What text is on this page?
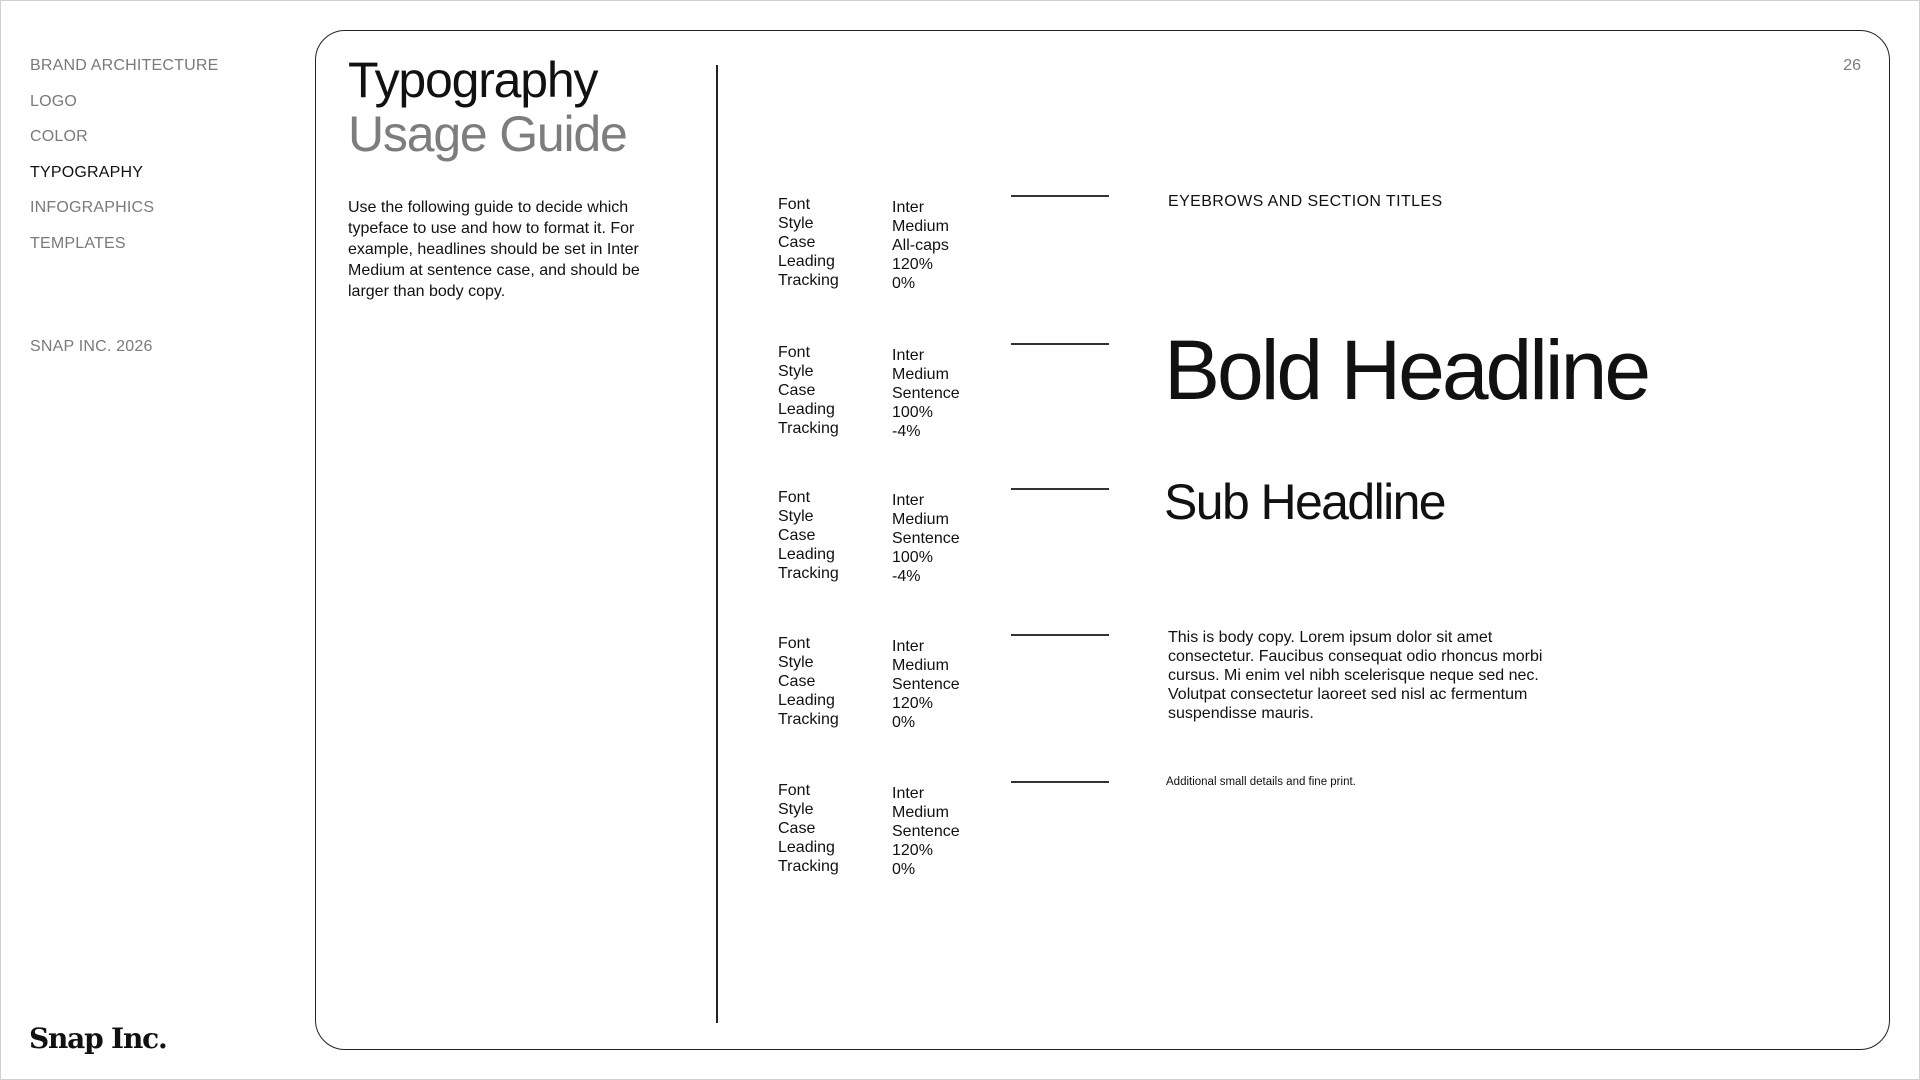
BRAND ARCHITECTURE
LOGO
COLOR
TYPOGRAPHY
INFOGRAPHICS
TEMPLATES
SNAP INC. 2026
Snap Inc.
26
Typography
Usage Guide

Use the following guide to decide which typeface to use and how to format it. For example, headlines should be set in Inter Medium at sentence case, and should be larger than body copy.

Font
Style
Case
Leading
Tracking
Inter
Medium
All-caps
120%
0%
EYEBROWS AND SECTION TITLES
Font
Style
Case
Leading
Tracking
Inter
Medium
Sentence
100%
-4%
Bold Headline
Font
Style
Case
Leading
Tracking
Inter
Medium
Sentence
100%
-4%
Sub Headline
Font
Style
Case
Leading
Tracking
Inter
Medium
Sentence
120%
0%
This is body copy. Lorem ipsum dolor sit amet consectetur. Faucibus consequat odio rhoncus morbi cursus. Mi enim vel nibh scelerisque neque sed nec. Volutpat consectetur laoreet sed nisl ac fermentum suspendisse mauris.
Font
Style
Case
Leading
Tracking
Inter
Medium
Sentence
120%
0%
Additional small details and fine print.
